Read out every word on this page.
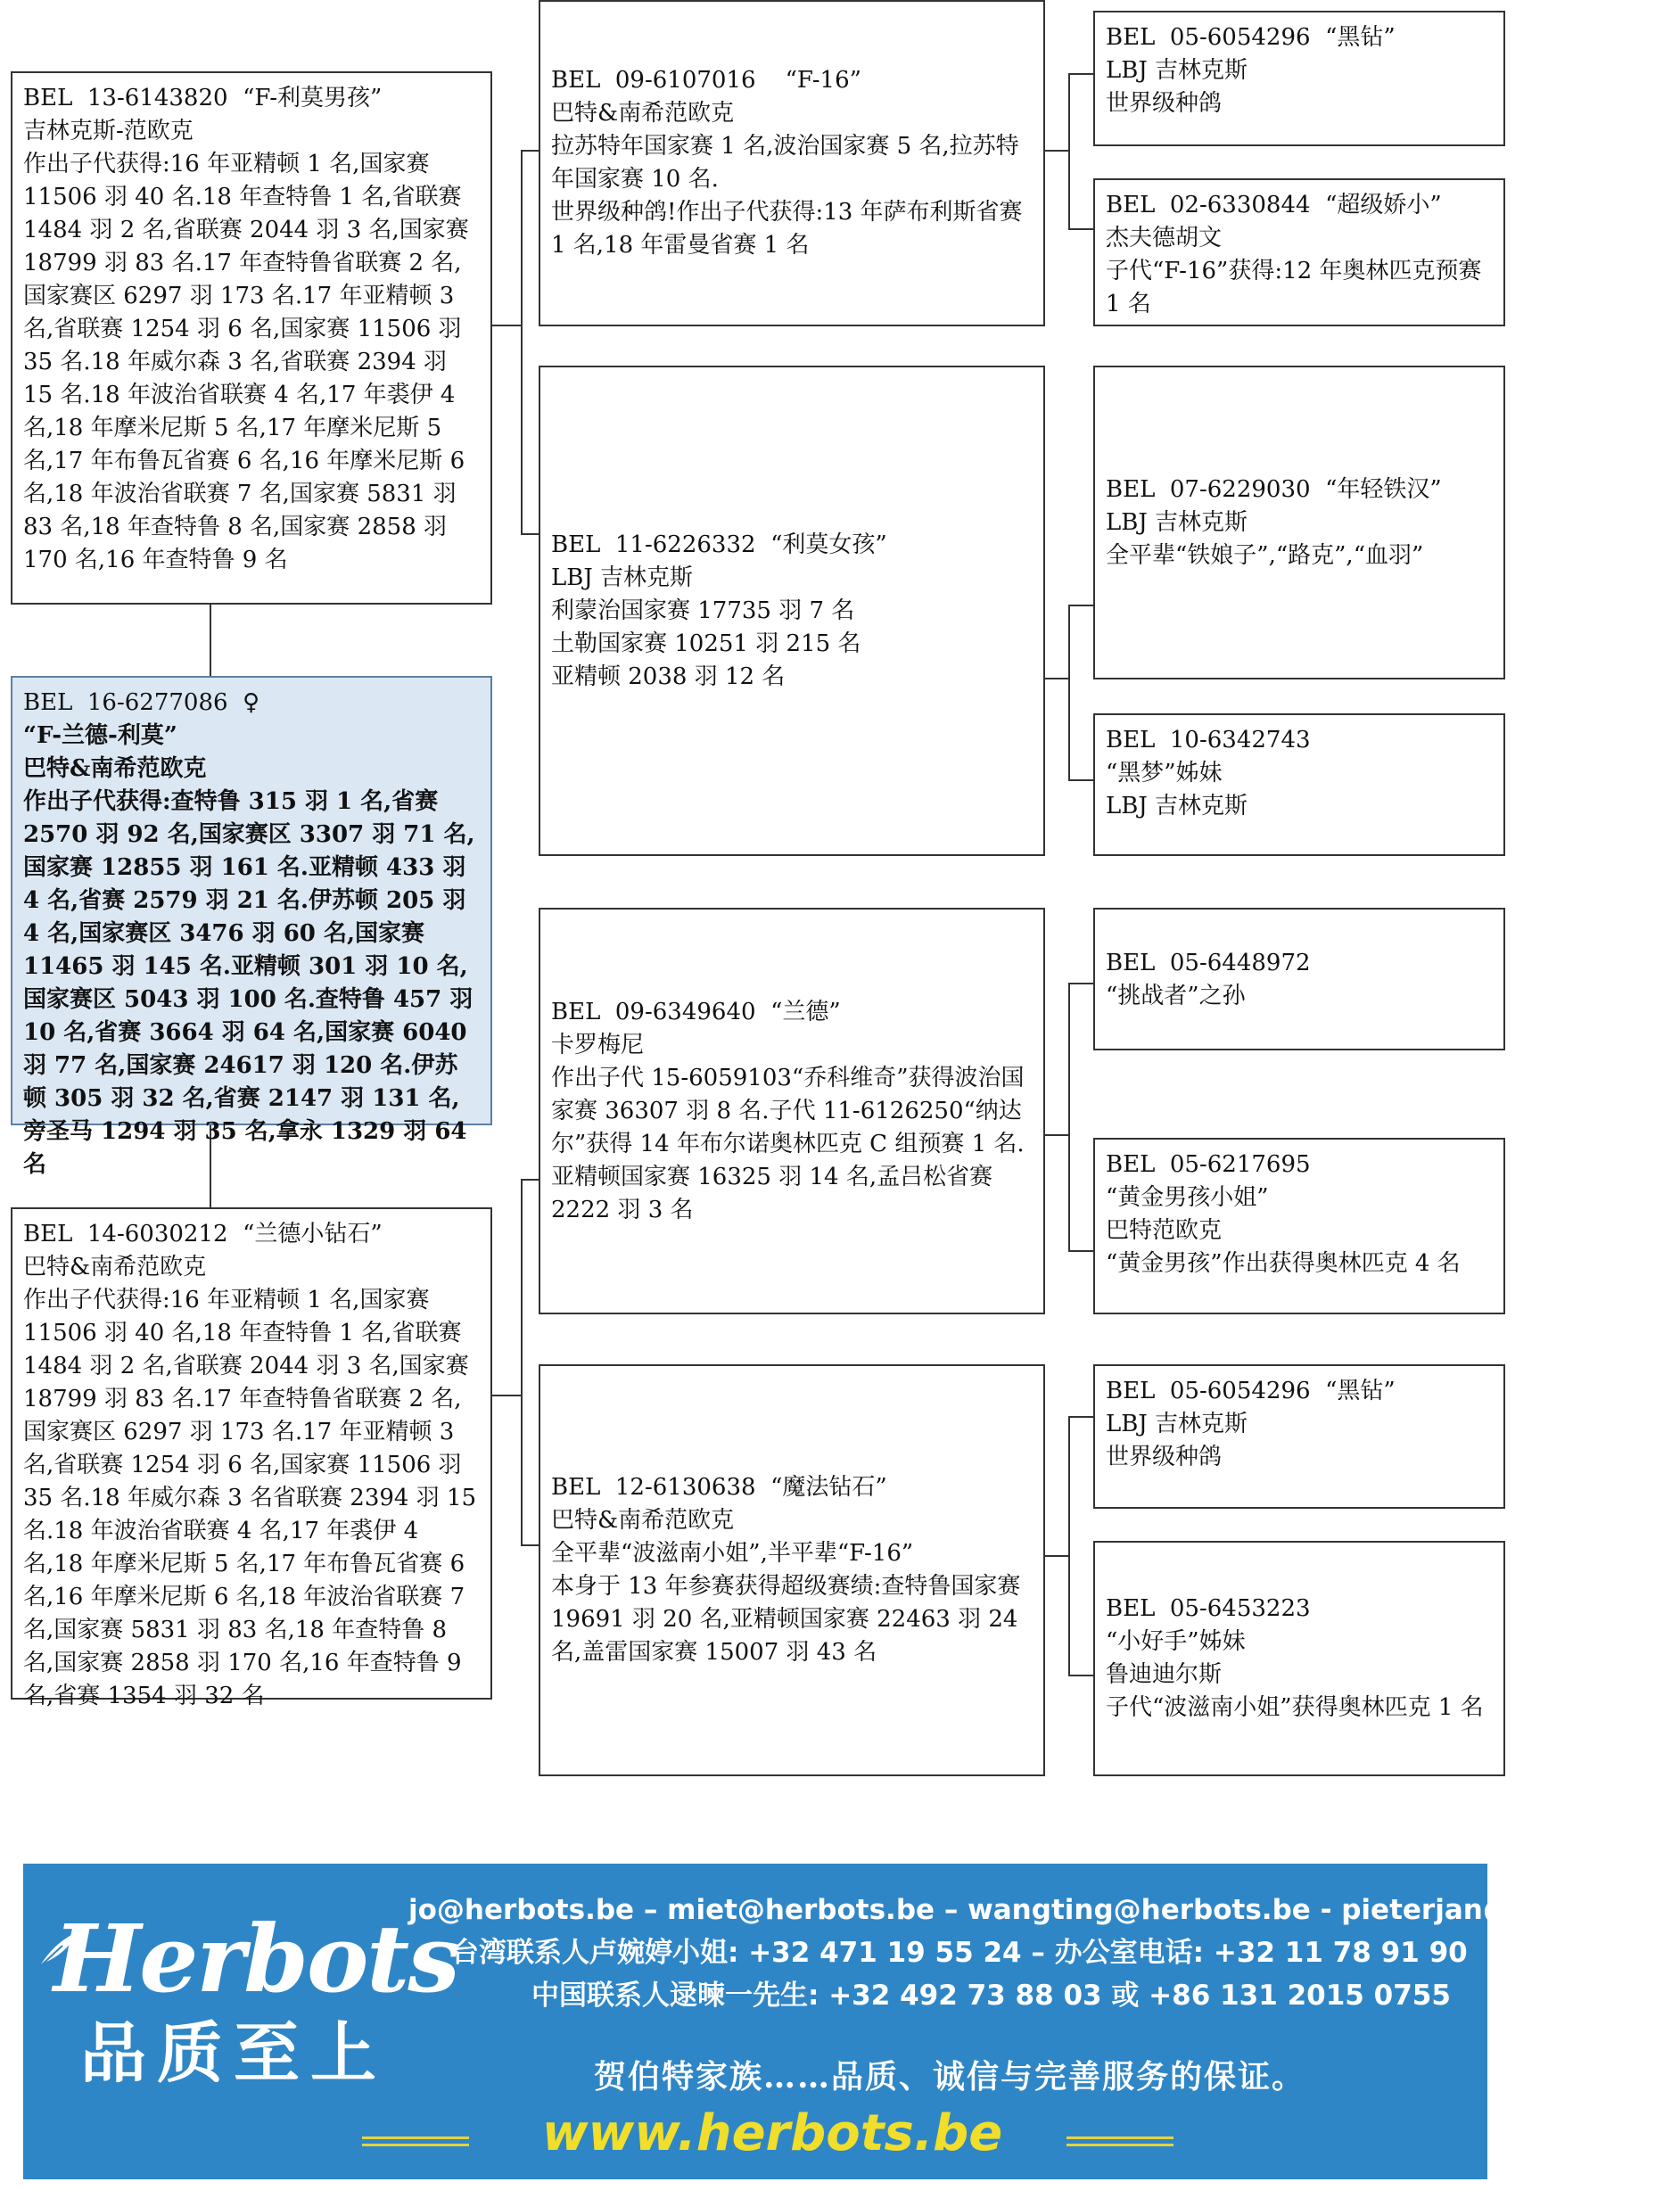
BEL  13-6143820  “F-利莫男孩”
吉林克斯-范欧克
作出子代获得:16 年亚精顿 1 名,国家赛 11506 羽 40 名.18 年查特鲁 1 名,省联赛 1484 羽 2 名,省联赛 2044 羽 3 名,国家赛 18799 羽 83 名.17 年查特鲁省联赛 2 名,国家赛区 6297 羽 173 名.17 年亚精顿 3 名,省联赛 1254 羽 6 名,国家赛 11506 羽 35 名.18 年威尔森 3 名,省联赛 2394 羽 15 名.18 年波治省联赛 4 名,17 年裘伊 4 名,18 年摩米尼斯 5 名,17 年摩米尼斯 5 名,17 年布鲁瓦省赛 6 名,16 年摩米尼斯 6 名,18 年波治省联赛 7 名,国家赛 5831 羽 83 名,18 年查特鲁 8 名,国家赛 2858 羽 170 名,16 年查特鲁 9 名
BEL  16-6277086  ♀
“F-兰德-利莫”
巴特&南希范欧克
作出子代获得:查特鲁 315 羽 1 名,省赛 2570 羽 92 名,国家赛区 3307 羽 71 名,国家赛 12855 羽 161 名.亚精顿 433 羽 4 名,省赛 2579 羽 21 名.伊苏顿 205 羽 4 名,国家赛区 3476 羽 60 名,国家赛 11465 羽 145 名.亚精顿 301 羽 10 名,国家赛区 5043 羽 100 名.查特鲁 457 羽 10 名,省赛 3664 羽 64 名,国家赛 6040 羽 77 名,国家赛 24617 羽 120 名.伊苏顿 305 羽 32 名,省赛 2147 羽 131 名,旁圣马 1294 羽 35 名,拿永 1329 羽 64 名
BEL  14-6030212  “兰德小钻石”
巴特&南希范欧克
作出子代获得:16 年亚精顿 1 名,国家赛 11506 羽 40 名,18 年查特鲁 1 名,省联赛 1484 羽 2 名,省联赛 2044 羽 3 名,国家赛 18799 羽 83 名.17 年查特鲁省联赛 2 名,国家赛区 6297 羽 173 名.17 年亚精顿 3 名,省联赛 1254 羽 6 名,国家赛 11506 羽 35 名.18 年威尔森 3 名省联赛 2394 羽 15 名.18 年波治省联赛 4 名,17 年裘伊 4 名,18 年摩米尼斯 5 名,17 年布鲁瓦省赛 6 名,16 年摩米尼斯 6 名,18 年波治省联赛 7 名,国家赛 5831 羽 83 名,18 年查特鲁 8 名,国家赛 2858 羽 170 名,16 年查特鲁 9 名,省赛 1354 羽 32 名
BEL  09-6107016    “F-16”
巴特&南希范欧克
拉苏特年国家赛 1 名,波治国家赛 5 名,拉苏特年国家赛 10 名.
世界级种鸽!作出子代获得:13 年萨布利斯省赛 1 名,18 年雷曼省赛 1 名
BEL  11-6226332  “利莫女孩”
LBJ 吉林克斯
利蒙治国家赛 17735 羽 7 名
土勒国家赛 10251 羽 215 名
亚精顿 2038 羽 12 名
BEL  09-6349640  “兰德”
卡罗梅尼
作出子代 15-6059103“乔科维奇”获得波治国家赛 36307 羽 8 名.子代 11-6126250“纳达尔”获得 14 年布尔诺奥林匹克 C 组预赛 1 名.亚精顿国家赛 16325 羽 14 名,孟吕松省赛 2222 羽 3 名
BEL  12-6130638  “魔法钻石”
巴特&南希范欧克
全平辈“波滋南小姐”,半平辈“F-16”
本身于 13 年参赛获得超级赛绩:查特鲁国家赛 19691 羽 20 名,亚精顿国家赛 22463 羽 24 名,盖雷国家赛 15007 羽 43 名
BEL  05-6054296  “黑钻”
LBJ 吉林克斯
世界级种鸽
BEL  02-6330844  “超级娇小”
杰夫德胡文
子代“F-16”获得:12 年奥林匹克预赛 1 名
BEL  07-6229030  “年轻铁汉”
LBJ 吉林克斯
全平辈“铁娘子”,“路克”,“血羽”
BEL  10-6342743
“黑梦”姊妹
LBJ 吉林克斯
BEL  05-6448972
“挑战者”之孙
BEL  05-6217695
“黄金男孩小姐”
巴特范欧克
“黄金男孩”作出获得奥林匹克 4 名
BEL  05-6054296  “黑钻”
LBJ 吉林克斯
世界级种鸽
BEL  05-6453223
“小好手”姊妹
鲁迪迪尔斯
子代“波滋南小姐”获得奥林匹克 1 名
Herbots
品质至上
jo@herbots.be – miet@herbots.be – wangting@herbots.be - pieterjan@herbots.be
台湾联系人卢婉婷小姐: +32 471 19 55 24 – 办公室电话: +32 11 78 91 90
中国联系人逯暕一先生: +32 492 73 88 03 或 +86 131 2015 0755
贺伯特家族……品质、诚信与完善服务的保证。
www.herbots.be
